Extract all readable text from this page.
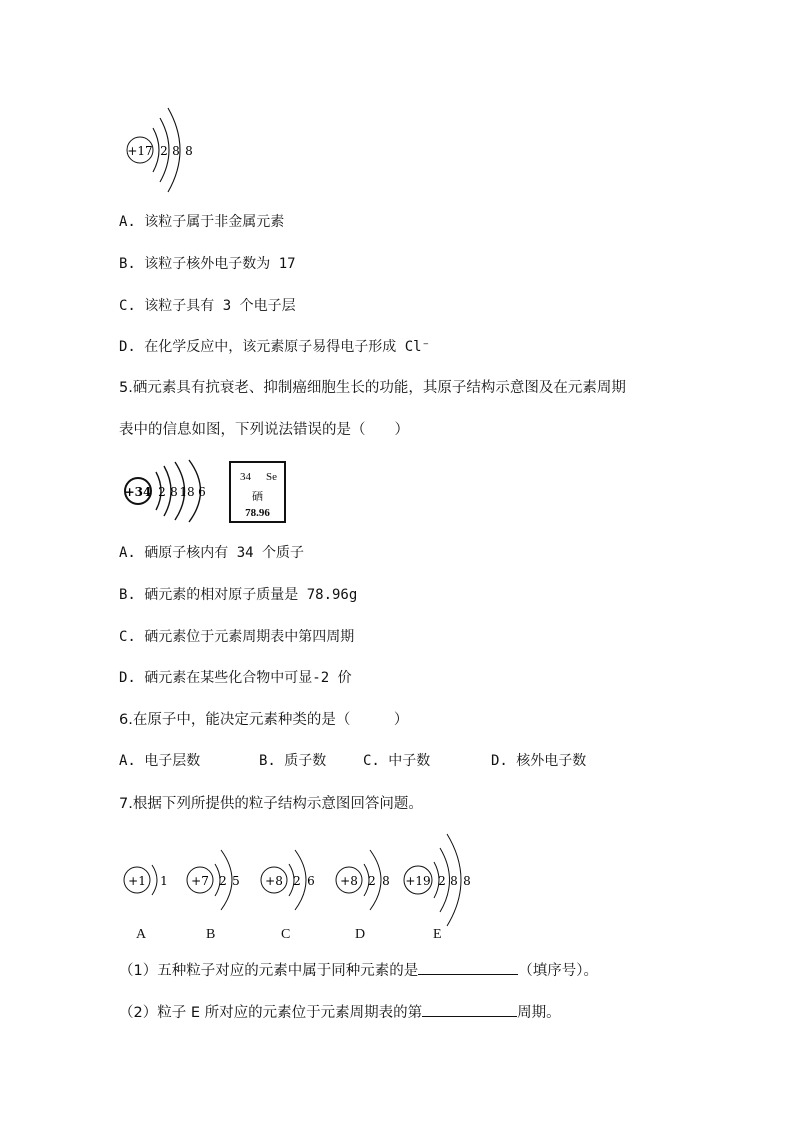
+17 2 8 8
A. 该粒子属于非金属元素
B. 该粒子核外电子数为 17
C. 该粒子具有 3 个电子层
D. 在化学反应中，该元素原子易得电子形成 Cl⁻
5.硒元素具有抗衰老、抑制癌细胞生长的功能，其原子结构示意图及在元素周期
表中的信息如图，下列说法错误的是（　　）
+34 2 8 18 6
34 Se
硒
78.96
A. 硒原子核内有 34 个质子
B. 硒元素的相对原子质量是 78.96g
C. 硒元素位于元素周期表中第四周期
D. 硒元素在某些化合物中可显-2 价
6.在原子中，能决定元素种类的是（　　　）
A. 电子层数	B. 质子数	C. 中子数	D. 核外电子数
7.根据下列所提供的粒子结构示意图回答问题。
+1 1 +7 2 5 +8 2 6 +8 2 8 +19 2 8 8
A	B	C	D	E
（1）五种粒子对应的元素中属于同种元素的是	（填序号）。
（2）粒子 E 所对应的元素位于元素周期表的第	周期。
